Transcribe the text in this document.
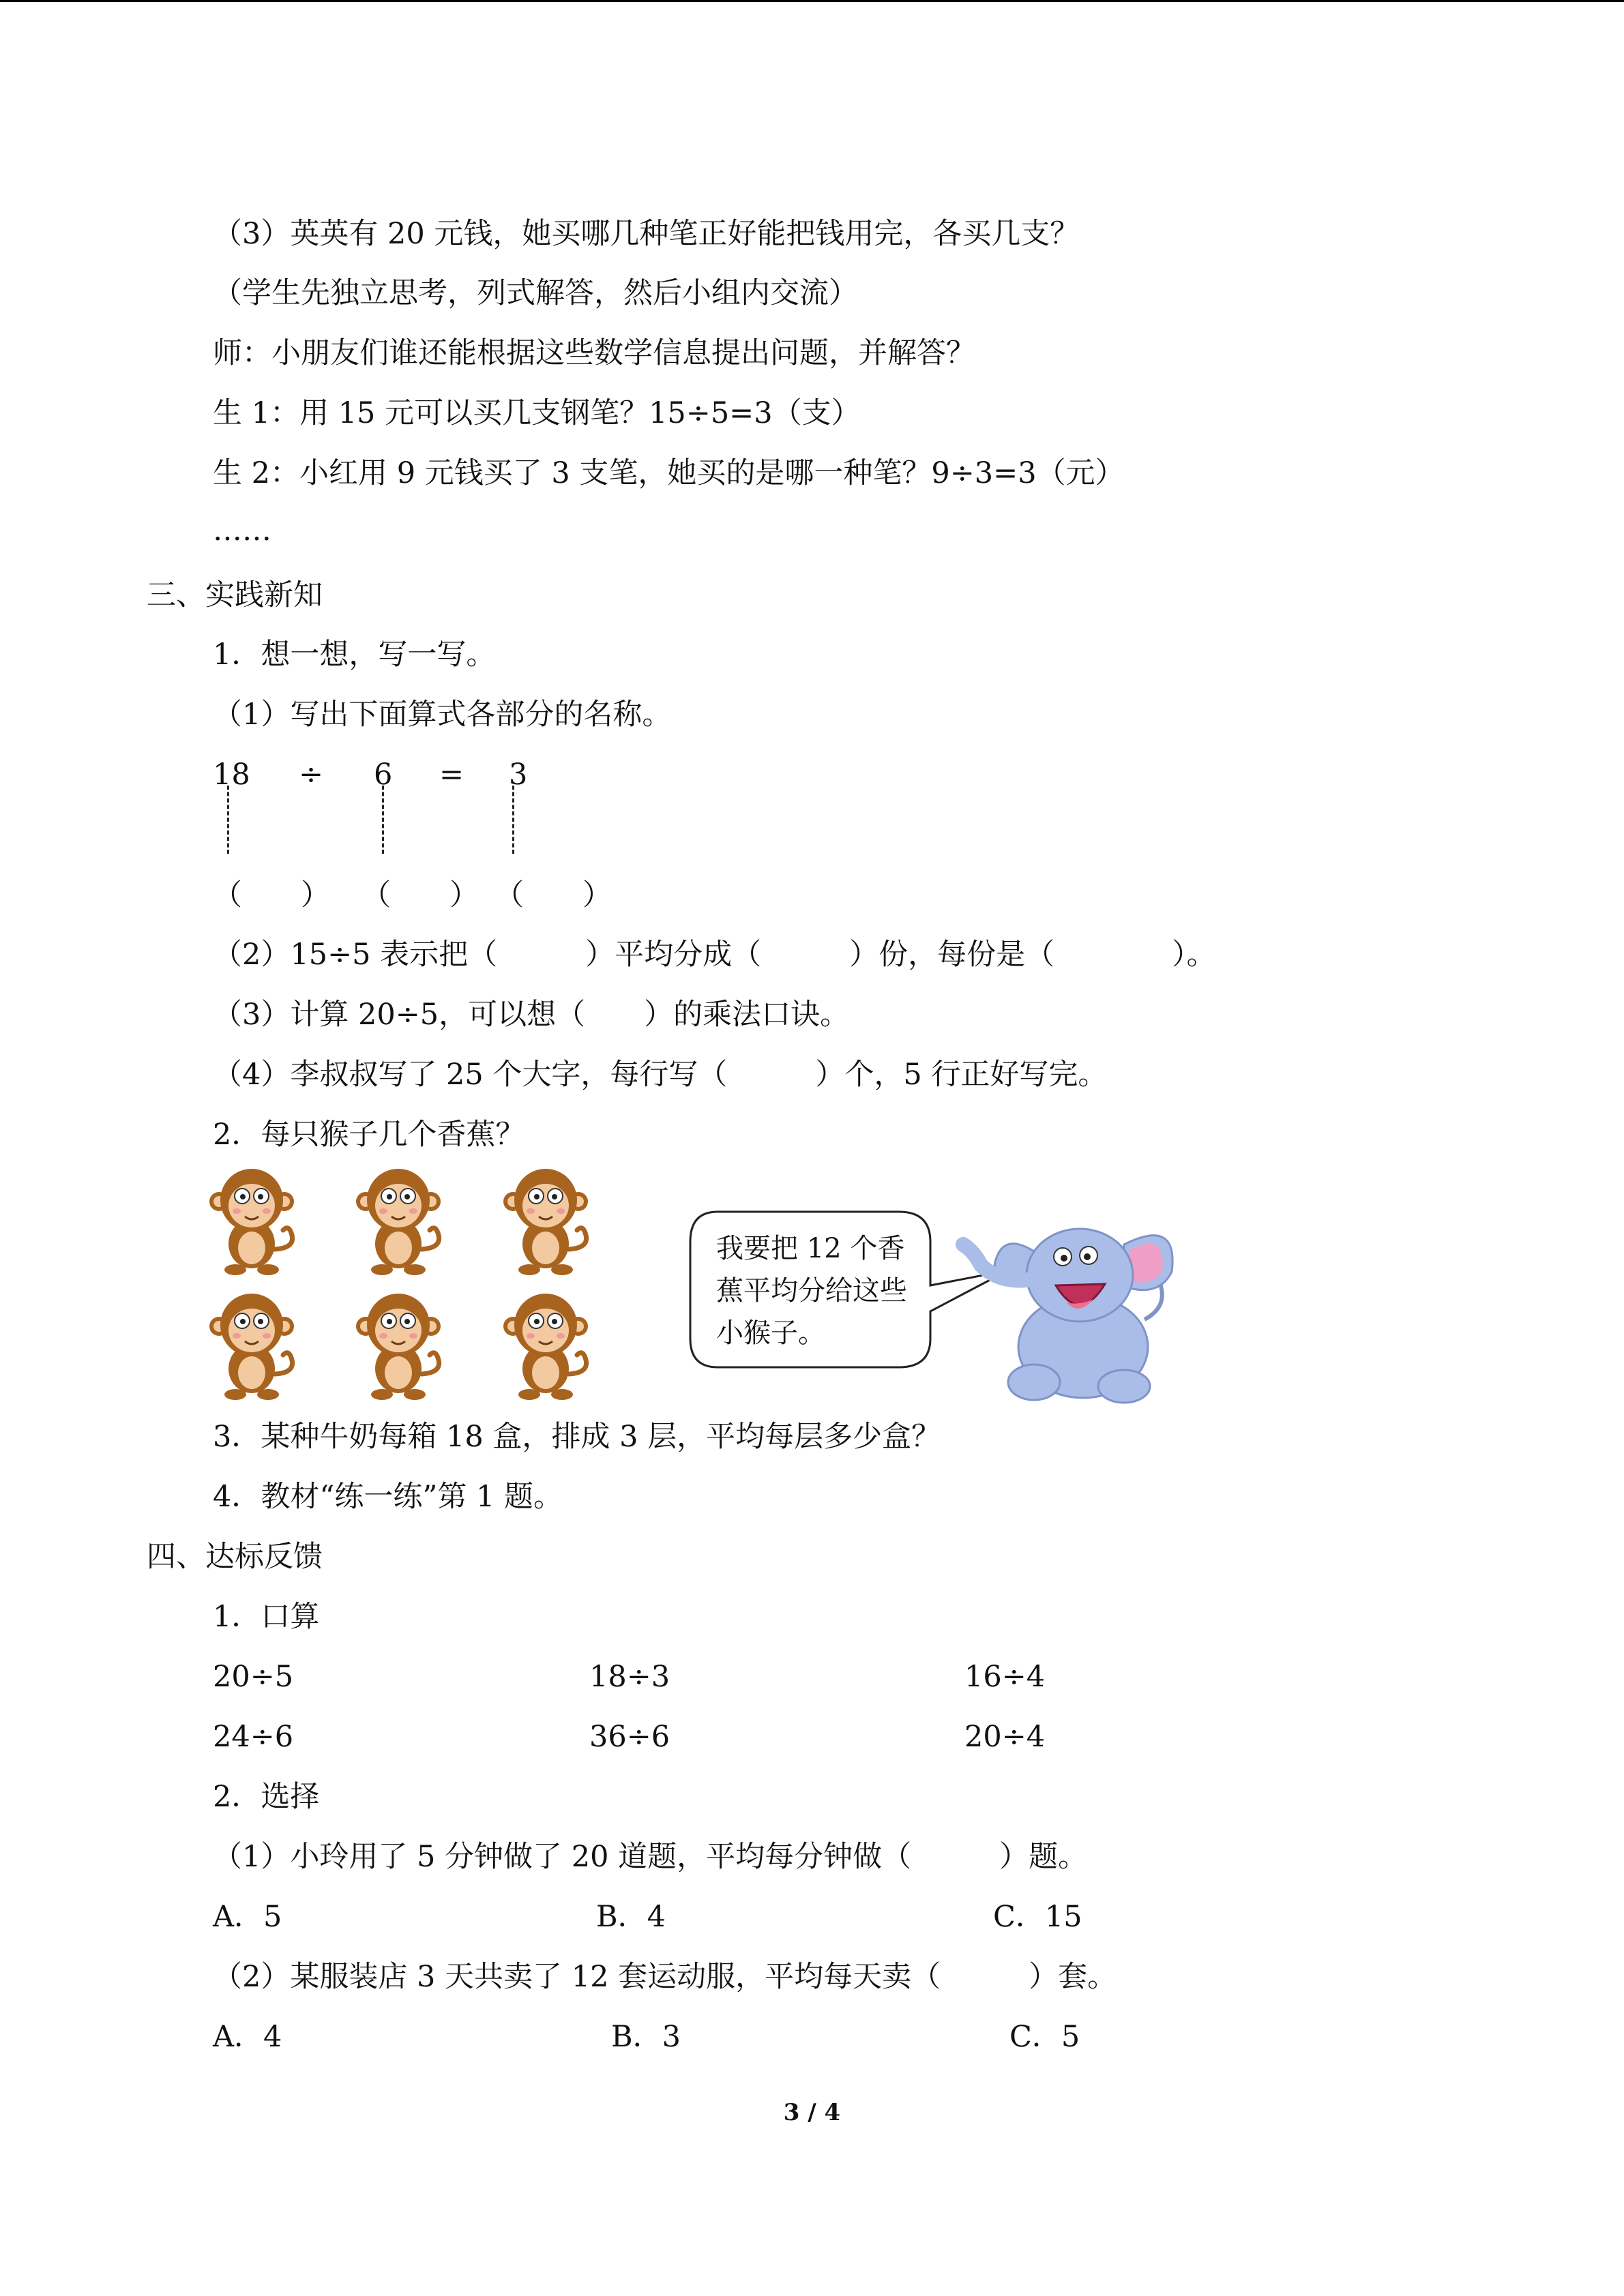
（3）英英有 20 元钱，她买哪几种笔正好能把钱用完，各买几支？
（学生先独立思考，列式解答，然后小组内交流）
师：小朋友们谁还能根据这些数学信息提出问题，并解答？
生 1：用 15 元可以买几支钢笔？15÷5=3（支）
生 2：小红用 9 元钱买了 3 支笔，她买的是哪一种笔？9÷3=3（元）
……
三、实践新知
1．想一想，写一写。
（1）写出下面算式各部分的名称。
18 ÷ 6 = 3
（　　） （　　） （　　）
（2）15÷5 表示把（　　　）平均分成（　　　）份，每份是（　　　　）。
（3）计算 20÷5，可以想（　　）的乘法口诀。
（4）李叔叔写了 25 个大字，每行写（　　　）个，5 行正好写完。
2．每只猴子几个香蕉？
我要把 12 个香蕉平均分给这些小猴子。
3．某种牛奶每箱 18 盒，排成 3 层，平均每层多少盒？
4．教材“练一练”第 1 题。
四、达标反馈
1．口算
20÷5	18÷3	16÷4
24÷6	36÷6	20÷4
2．选择
（1）小玲用了 5 分钟做了 20 道题，平均每分钟做（　　　）题。
A．5	B．4	C．15
（2）某服装店 3 天共卖了 12 套运动服，平均每天卖（　　　）套。
A．4	B．3	C．5
3 / 4
